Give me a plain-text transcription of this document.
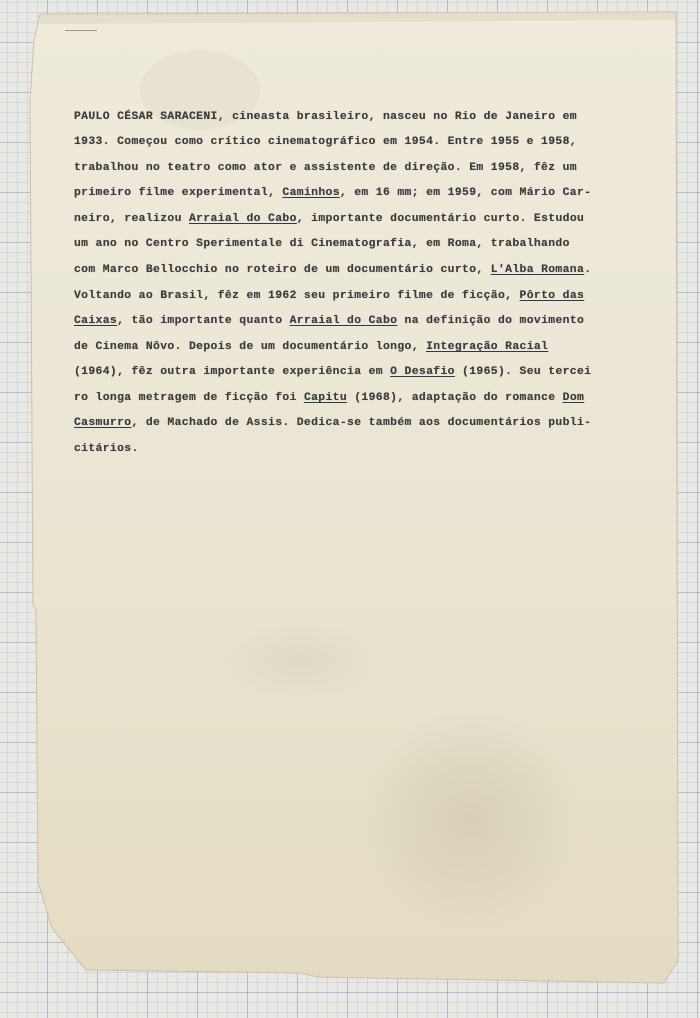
PAULO CÉSAR SARACENI, cineasta brasileiro, nasceu no Rio de Janeiro em
1933. Começou como crítico cinematográfico em 1954. Entre 1955 e 1958,
trabalhou no teatro como ator e assistente de direção. Em 1958, fêz um
primeiro filme experimental, Caminhos, em 16 mm; em 1959, com Mário Car-
neiro, realizou Arraial do Cabo, importante documentário curto. Estudou
um ano no Centro Sperimentale di Cinematografia, em Roma, trabalhando
com Marco Bellocchio no roteiro de um documentário curto, L'Alba Romana.
Voltando ao Brasil, fêz em 1962 seu primeiro filme de ficção, Pôrto das
Caixas, tão importante quanto Arraial do Cabo na definição do movimento
de Cinema Nôvo. Depois de um documentário longo, Integração Racial
(1964), fêz outra importante experiência em O Desafio (1965). Seu tercei
ro longa metragem de ficção foi Capitu (1968), adaptação do romance Dom
Casmurro, de Machado de Assis. Dedica-se também aos documentários publi-
citários.
